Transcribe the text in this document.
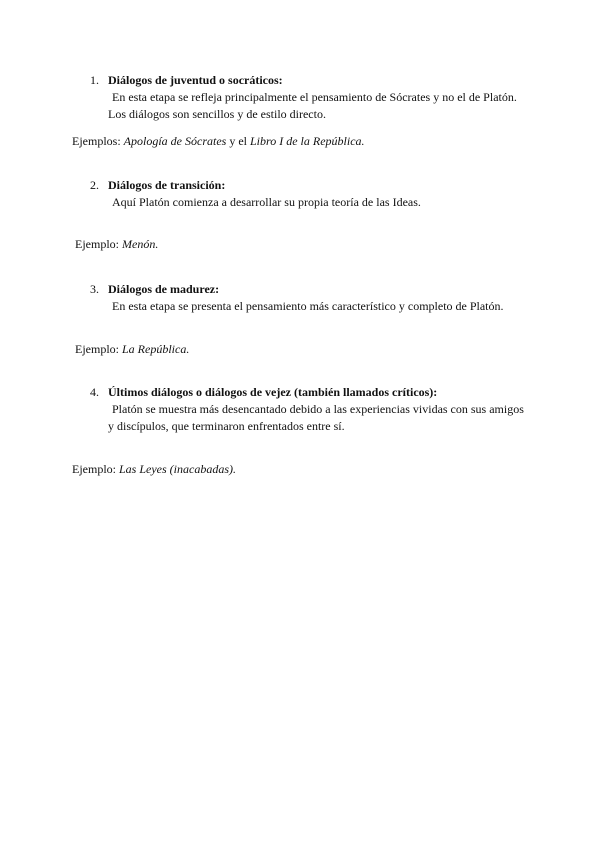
1. Diálogos de juventud o socráticos:
En esta etapa se refleja principalmente el pensamiento de Sócrates y no el de Platón.
Los diálogos son sencillos y de estilo directo.
Ejemplos: Apología de Sócrates y el Libro I de la República.
2. Diálogos de transición:
Aquí Platón comienza a desarrollar su propia teoría de las Ideas.
Ejemplo: Menón.
3. Diálogos de madurez:
En esta etapa se presenta el pensamiento más característico y completo de Platón.
Ejemplo: La República.
4. Últimos diálogos o diálogos de vejez (también llamados críticos):
Platón se muestra más desencantado debido a las experiencias vividas con sus amigos
y discípulos, que terminaron enfrentados entre sí.
Ejemplo: Las Leyes (inacabadas).
